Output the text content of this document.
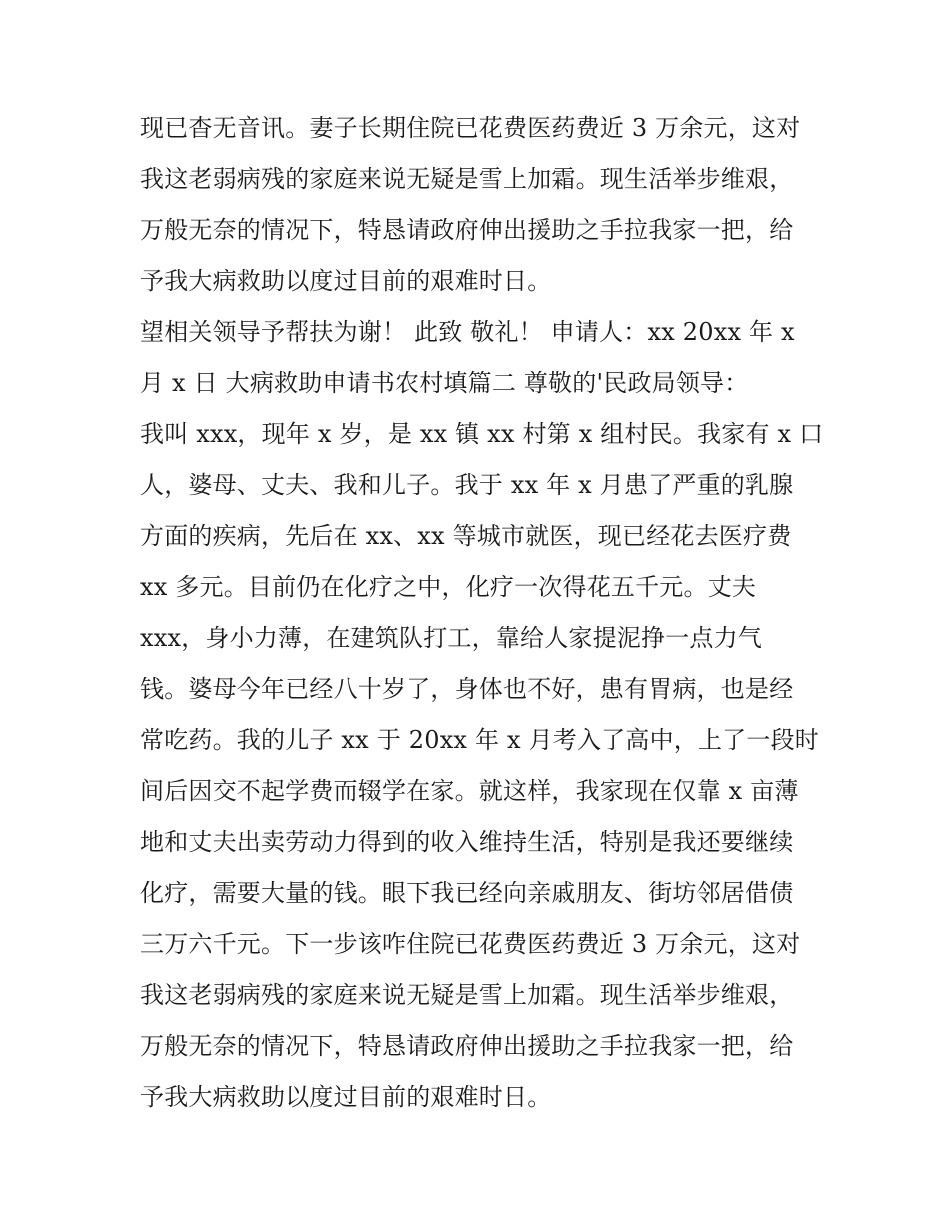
现已杳无音讯。妻子长期住院已花费医药费近 3 万余元，这对
我这老弱病残的家庭来说无疑是雪上加霜。现生活举步维艰，
万般无奈的情况下，特恳请政府伸出援助之手拉我家一把，给
予我大病救助以度过目前的艰难时日。
望相关领导予帮扶为谢！ 此致 敬礼！ 申请人：xx 20xx 年 x
月 x 日 大病救助申请书农村填篇二 尊敬的'民政局领导：
我叫 xxx，现年 x 岁，是 xx 镇 xx 村第 x 组村民。我家有 x 口
人，婆母、丈夫、我和儿子。我于 xx 年 x 月患了严重的乳腺
方面的疾病，先后在 xx、xx 等城市就医，现已经花去医疗费
xx 多元。目前仍在化疗之中，化疗一次得花五千元。丈夫
xxx，身小力薄，在建筑队打工，靠给人家提泥挣一点力气
钱。婆母今年已经八十岁了，身体也不好，患有胃病，也是经
常吃药。我的儿子 xx 于 20xx 年 x 月考入了高中，上了一段时
间后因交不起学费而辍学在家。就这样，我家现在仅靠 x 亩薄
地和丈夫出卖劳动力得到的收入维持生活，特别是我还要继续
化疗，需要大量的钱。眼下我已经向亲戚朋友、街坊邻居借债
三万六千元。下一步该咋住院已花费医药费近 3 万余元，这对
我这老弱病残的家庭来说无疑是雪上加霜。现生活举步维艰，
万般无奈的情况下，特恳请政府伸出援助之手拉我家一把，给
予我大病救助以度过目前的艰难时日。
